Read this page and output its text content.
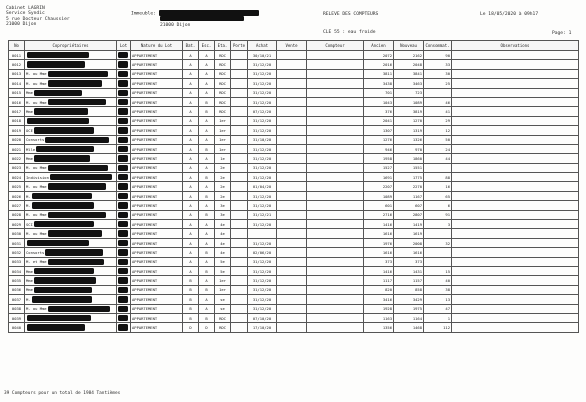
Cabinet LAGRIN
Service Syndic
5 rue Docteur Chaussier
21000 Dijon
Immeuble:
21000 Dijon
RELEVE DES COMPTEURS	Le 18/05/2020 à 09h17
CLE 55 : eau froide	Page: 1
No	Copropriétaires	Lot	Nature du Lot	Bat.	Esc.	Eta.	Porte	Achat	Vente	Compteur	Ancien	Nouveau	Consommat.	Observations
0011			APPARTEMENT	A	A	RDC		30/10/21			2072	2162	90	
0012			APPARTEMENT	A	A	RDC		31/12/20			2016	2048	33	
0013	M. ou Mme		APPARTEMENT	A	A	RDC		31/12/20			3811	3841	30	
0014	M. ou Mme		APPARTEMENT	A	A	RDC		31/12/20			3438	3463	25	
0015	Mme		APPARTEMENT	A	A	RDC		31/12/20			701	723		
0016	M. ou Mme		APPARTEMENT	A	B	RDC		31/12/20			1043	1089	46	
0017	Mme		APPARTEMENT	A	B	RDC		07/12/20			376	3819	41	
0018			APPARTEMENT	A	A	1er		31/12/20			2041	1270	29	
0019	OCE		APPARTEMENT	A	A	1er		31/12/20			1307	1319	12	
0020	Consorts		APPARTEMENT	A	A	1er		31/10/20			1276	1326	50	
0021	Mlle		APPARTEMENT	A	B	1er		31/12/20			946	970	24	
0022	Mme		APPARTEMENT	A	A	1e		31/12/20			1958	1860	44	
0023	M. ou Mme		APPARTEMENT	A	A	2e		31/12/20			1527	1551		
0024	Indivision		APPARTEMENT	A	B	2e		31/12/20			1691	1775	88	
0025	M. ou Mme		APPARTEMENT	A	A	2e		01/04/20			2207	2270	16	
0026	M.		APPARTEMENT	A	B	2e		31/12/20			1089	1167	65	
0027	M.		APPARTEMENT	A	A	3e		31/12/20			601	607	6	
0028	M. ou Mme		APPARTEMENT	A	B	3e		31/12/21			2716	2807	91	
0029	SCI		APPARTEMENT	A	A	4e		31/12/20			1416	1419	3	
0030	M. ou Mme		APPARTEMENT	A	A	4e					1616	1619		
0031			APPARTEMENT	A	A	4e		31/12/20			1976	2008	32	
0032	Consorts		APPARTEMENT	A	B	4e		02/06/20			1616	1616		
0033	M. et Mme		APPARTEMENT	A	A	5e		31/12/20			373	373		
0034	Mme		APPARTEMENT	A	B	5e		31/12/20			1416	1431	15	
0035	Mme		APPARTEMENT	B	A	1er		31/12/20			1117	1157	40	
0036	Mme		APPARTEMENT	B	B	1er		31/12/20			820	858	38	
0037	M.		APPARTEMENT	B	A	se		31/12/20			3416	3429	13	
0038	M. ou Mme		APPARTEMENT	B	A	se		31/12/20			1928	1975	47	
0039			APPARTEMENT	B	B	RDC		07/10/20			1163	1164	1	
0040			APPARTEMENT	D	D	RDC		17/10/20			1356	1468	112	
39 Compteurs pour un total de 1984 Tantièmes
